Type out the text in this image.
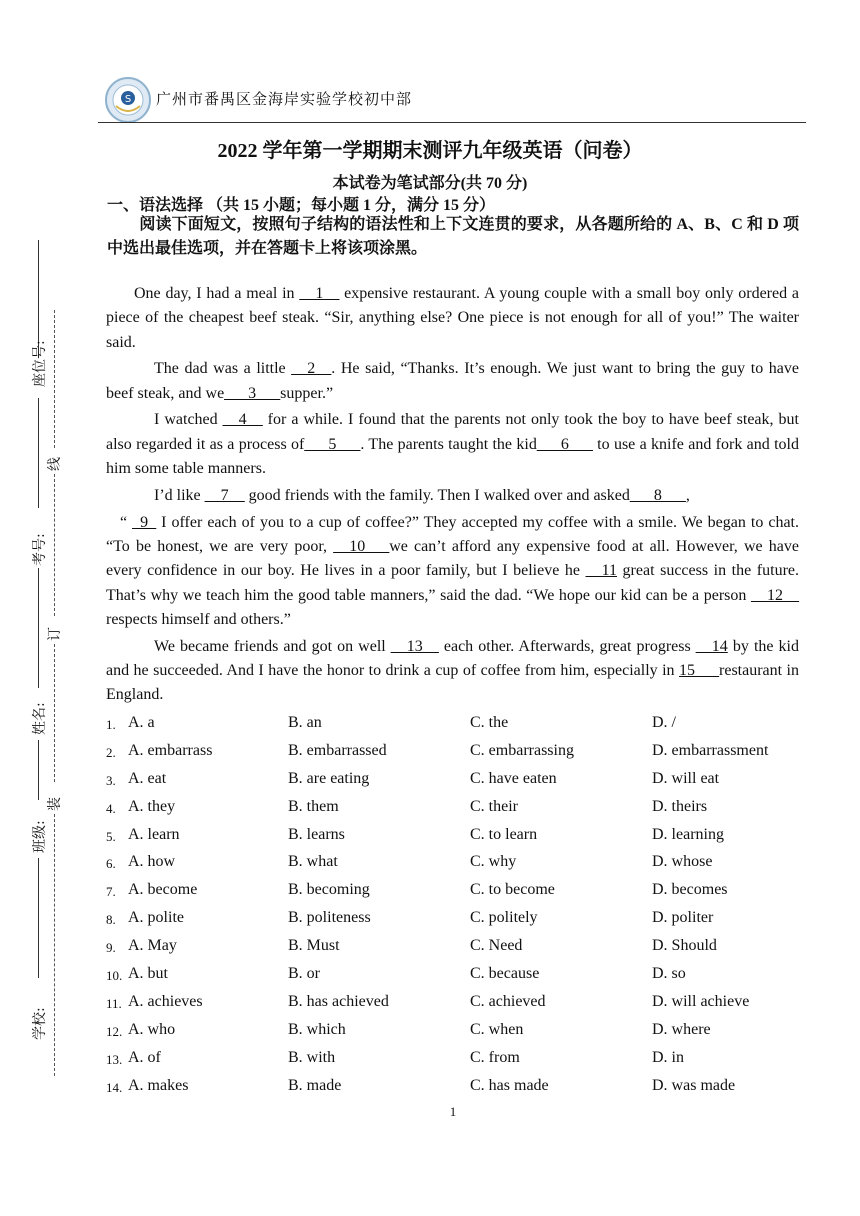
S 广州市番禺区金海岸实验学校初中部
2022 学年第一学期期末测评九年级英语（问卷）
本试卷为笔试部分(共 70 分)
一、语法选择 （共 15 小题；每小题 1 分，满分 15 分）
　　阅读下面短文，按照句子结构的语法性和上下文连贯的要求，从各题所给的 A、B、C 和 D 项中选出最佳选项，并在答题卡上将该项涂黑。

One day, I had a meal in __1__ expensive restaurant. A young couple with a small boy only ordered a piece of the cheapest beef steak. “Sir, anything else? One piece is not enough for all of you!” The waiter said.

The dad was a little __2__. He said, “Thanks. It’s enough. We just want to bring the guy to have beef steak, and we___3___supper.”

I watched __4__ for a while. I found that the parents not only took the boy to have beef steak, but also regarded it as a process of___5___. The parents taught the kid___6___ to use a knife and fork and told him some table manners.

I’d like __7__ good friends with the family. Then I walked over and asked___8___,

“ _9_ I offer each of you to a cup of coffee?” They accepted my coffee with a smile. We began to chat. “To be honest, we are very poor, __10___we can’t afford any expensive food at all. However, we have every confidence in our boy. He lives in a poor family, but I believe he __11 great success in the future. That’s why we teach him the good table manners,” said the dad. “We hope our kid can be a person __12__ respects himself and others.”

We became friends and got on well __13__ each other. Afterwards, great progress __14 by the kid and he succeeded. And I have the honor to drink a cup of coffee from him, especially in 15___restaurant in England.

1. A. a	B. an	C. the	D. /
2. A. embarrass	B. embarrassed	C. embarrassing	D. embarrassment
3. A. eat	B. are eating	C. have eaten	D. will eat
4. A. they	B. them	C. their	D. theirs
5. A. learn	B. learns	C. to learn	D. learning
6. A. how	B. what	C. why	D. whose
7. A. become	B. becoming	C. to become	D. becomes
8. A. polite	B. politeness	C. politely	D. politer
9. A. May	B. Must	C. Need	D. Should
10. A. but	B. or	C. because	D. so
11. A. achieves	B. has achieved	C. achieved	D. will achieve
12. A. who	B. which	C. when	D. where
13. A. of	B. with	C. from	D. in
14. A. makes	B. made	C. has made	D. was made
1
座位号:
考号:
姓名:
班级:
学校:
线
订
装
